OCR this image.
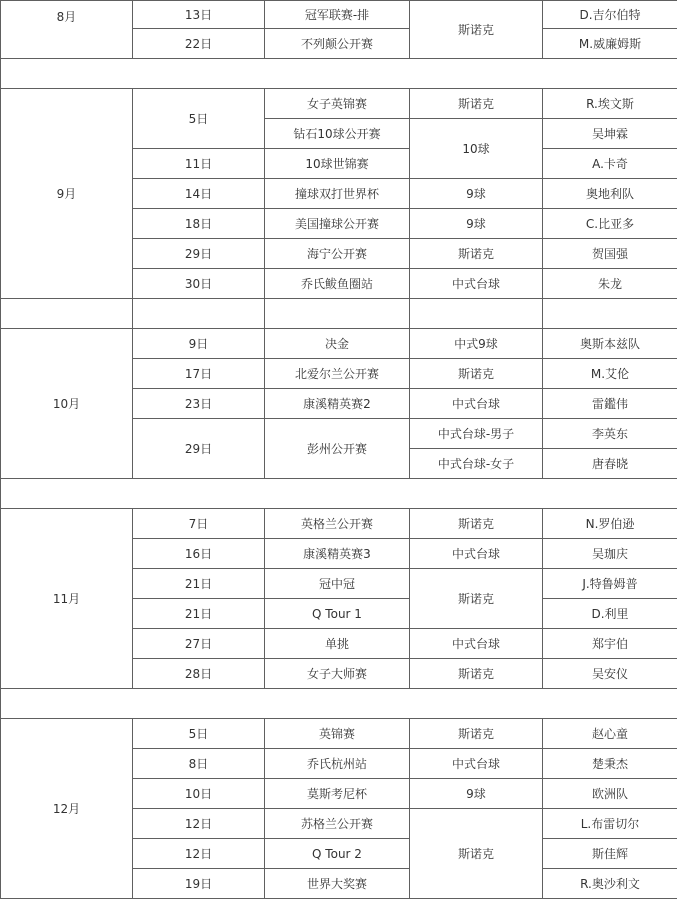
8月	13日	冠军联赛-排	斯诺克	D.吉尔伯特
	22日	不列颠公开赛		M.威廉姆斯

9月	5日	女子英锦赛	斯诺克	R.埃文斯
		钻石10球公开赛	10球	吴坤霖
	11日	10球世锦赛		A.卡奇
	14日	撞球双打世界杯	9球	奥地利队
	18日	美国撞球公开赛	9球	C.比亚多
	29日	海宁公开赛	斯诺克	贺国强
	30日	乔氏鲅鱼圈站	中式台球	朱龙

10月	9日	决金	中式9球	奥斯本兹队
	17日	北爱尔兰公开赛	斯诺克	M.艾伦
	23日	康溪精英赛2	中式台球	雷鑑伟
	29日	彭州公开赛	中式台球-男子	李英东
			中式台球-女子	唐春晓

11月	7日	英格兰公开赛	斯诺克	N.罗伯逊
	16日	康溪精英赛3	中式台球	吴珈庆
	21日	冠中冠	斯诺克	J.特鲁姆普
	21日	Q Tour 1		D.利里
	27日	单挑	中式台球	郑宇伯
	28日	女子大师赛	斯诺克	吴安仪

12月	5日	英锦赛	斯诺克	赵心童
	8日	乔氏杭州站	中式台球	楚秉杰
	10日	莫斯考尼杯	9球	欧洲队
	12日	苏格兰公开赛	斯诺克	L.布雷切尔
	12日	Q Tour 2		斯佳辉
	19日	世界大奖赛		R.奥沙利文
